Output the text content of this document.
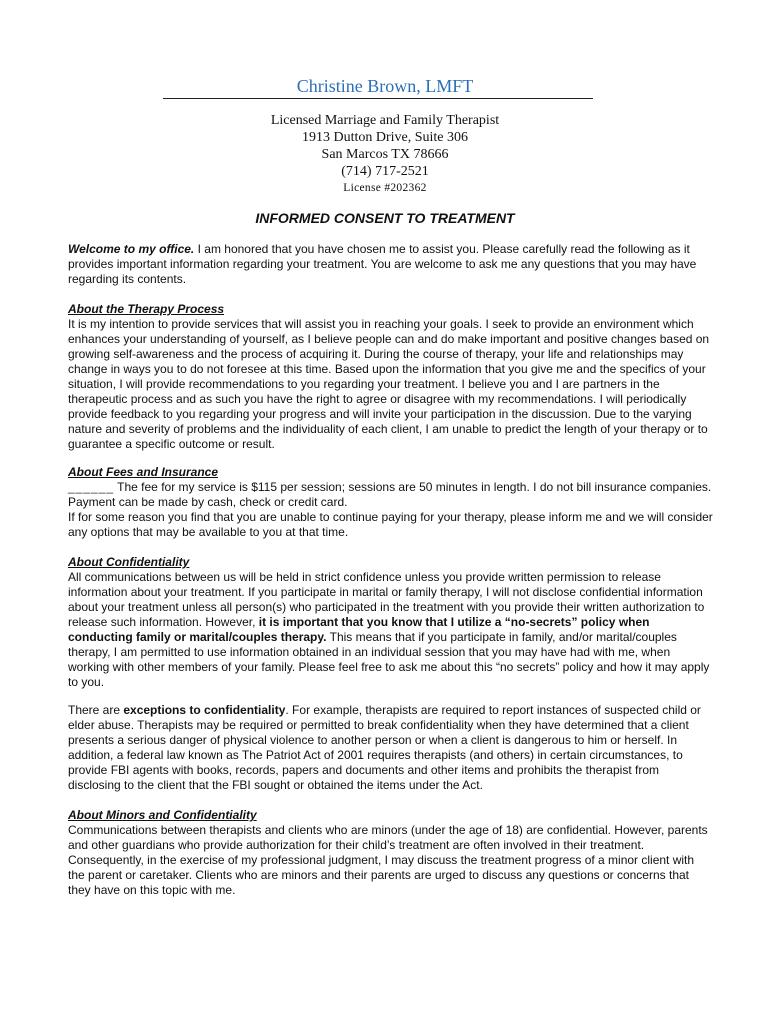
Christine Brown, LMFT
Licensed Marriage and Family Therapist
1913 Dutton Drive, Suite 306
San Marcos TX 78666
(714) 717-2521
License #202362
INFORMED CONSENT TO TREATMENT

Welcome to my office. I am honored that you have chosen me to assist you. Please carefully read the following as it provides important information regarding your treatment. You are welcome to ask me any questions that you may have regarding its contents.

About the Therapy Process

It is my intention to provide services that will assist you in reaching your goals. I seek to provide an environment which enhances your understanding of yourself, as I believe people can and do make important and positive changes based on growing self-awareness and the process of acquiring it. During the course of therapy, your life and relationships may change in ways you to do not foresee at this time. Based upon the information that you give me and the specifics of your situation, I will provide recommendations to you regarding your treatment. I believe you and I are partners in the therapeutic process and as such you have the right to agree or disagree with my recommendations. I will periodically provide feedback to you regarding your progress and will invite your participation in the discussion. Due to the varying nature and severity of problems and the individuality of each client, I am unable to predict the length of your therapy or to guarantee a specific outcome or result.

About Fees and Insurance

______ The fee for my service is $115 per session; sessions are 50 minutes in length. I do not bill insurance companies. Payment can be made by cash, check or credit card.

If for some reason you find that you are unable to continue paying for your therapy, please inform me and we will consider any options that may be available to you at that time.

About Confidentiality

All communications between us will be held in strict confidence unless you provide written permission to release information about your treatment. If you participate in marital or family therapy, I will not disclose confidential information about your treatment unless all person(s) who participated in the treatment with you provide their written authorization to release such information. However, it is important that you know that I utilize a “no-secrets” policy when conducting family or marital/couples therapy. This means that if you participate in family, and/or marital/couples therapy, I am permitted to use information obtained in an individual session that you may have had with me, when working with other members of your family. Please feel free to ask me about this “no secrets” policy and how it may apply to you.

There are exceptions to confidentiality. For example, therapists are required to report instances of suspected child or elder abuse. Therapists may be required or permitted to break confidentiality when they have determined that a client presents a serious danger of physical violence to another person or when a client is dangerous to him or herself. In addition, a federal law known as The Patriot Act of 2001 requires therapists (and others) in certain circumstances, to provide FBI agents with books, records, papers and documents and other items and prohibits the therapist from disclosing to the client that the FBI sought or obtained the items under the Act.

About Minors and Confidentiality

Communications between therapists and clients who are minors (under the age of 18) are confidential. However, parents and other guardians who provide authorization for their child’s treatment are often involved in their treatment. Consequently, in the exercise of my professional judgment, I may discuss the treatment progress of a minor client with the parent or caretaker. Clients who are minors and their parents are urged to discuss any questions or concerns that they have on this topic with me.
